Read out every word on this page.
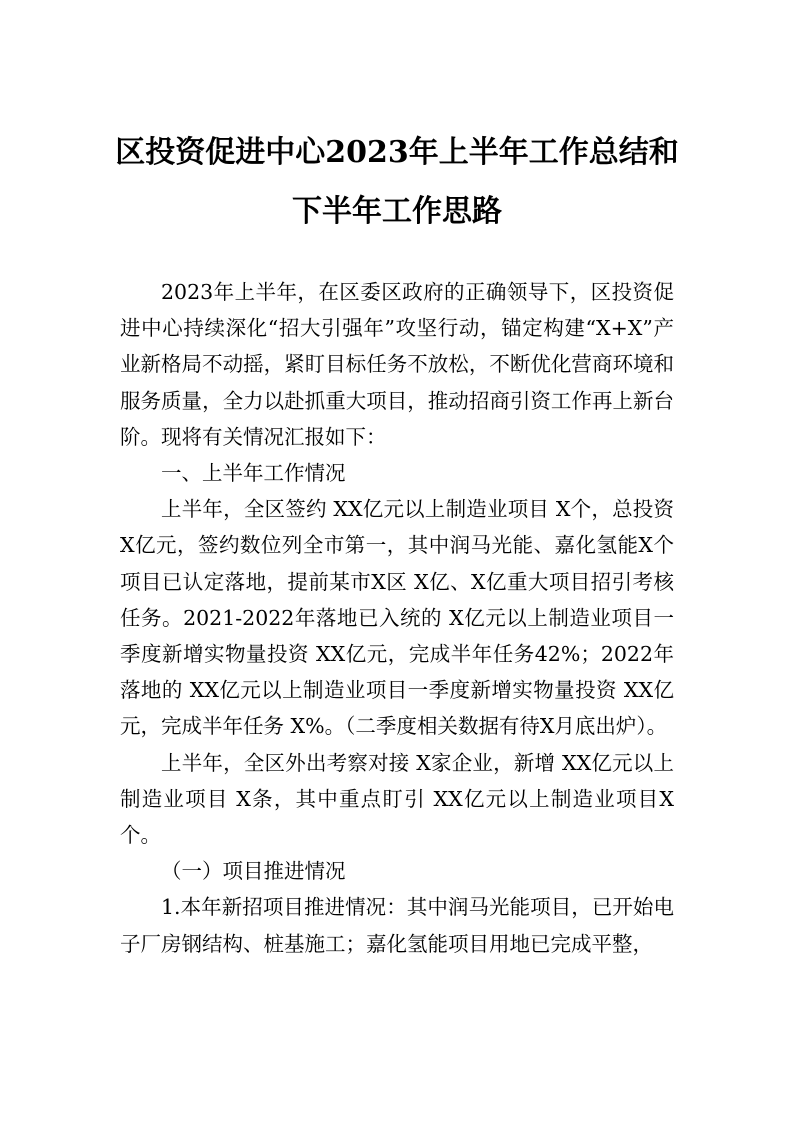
区投资促进中心2023年上半年工作总结和
下半年工作思路

2023年上半年，在区委区政府的正确领导下，区投资促进中心持续深化“招大引强年”攻坚行动，锚定构建“X+X”产业新格局不动摇，紧盯目标任务不放松，不断优化营商环境和服务质量，全力以赴抓重大项目，推动招商引资工作再上新台阶。现将有关情况汇报如下：

一、上半年工作情况

上半年，全区签约 XX亿元以上制造业项目 X个，总投资X亿元，签约数位列全市第一，其中润马光能、嘉化氢能X个项目已认定落地，提前某市X区 X亿、X亿重大项目招引考核任务。2021-2022年落地已入统的 X亿元以上制造业项目一季度新增实物量投资 XX亿元，完成半年任务42%；2022年落地的 XX亿元以上制造业项目一季度新增实物量投资 XX亿元，完成半年任务 X%。（二季度相关数据有待X月底出炉）。

上半年，全区外出考察对接 X家企业，新增 XX亿元以上制造业项目 X条，其中重点盯引 XX亿元以上制造业项目X个。

（一）项目推进情况

1.本年新招项目推进情况：其中润马光能项目，已开始电子厂房钢结构、桩基施工；嘉化氢能项目用地已完成平整，
